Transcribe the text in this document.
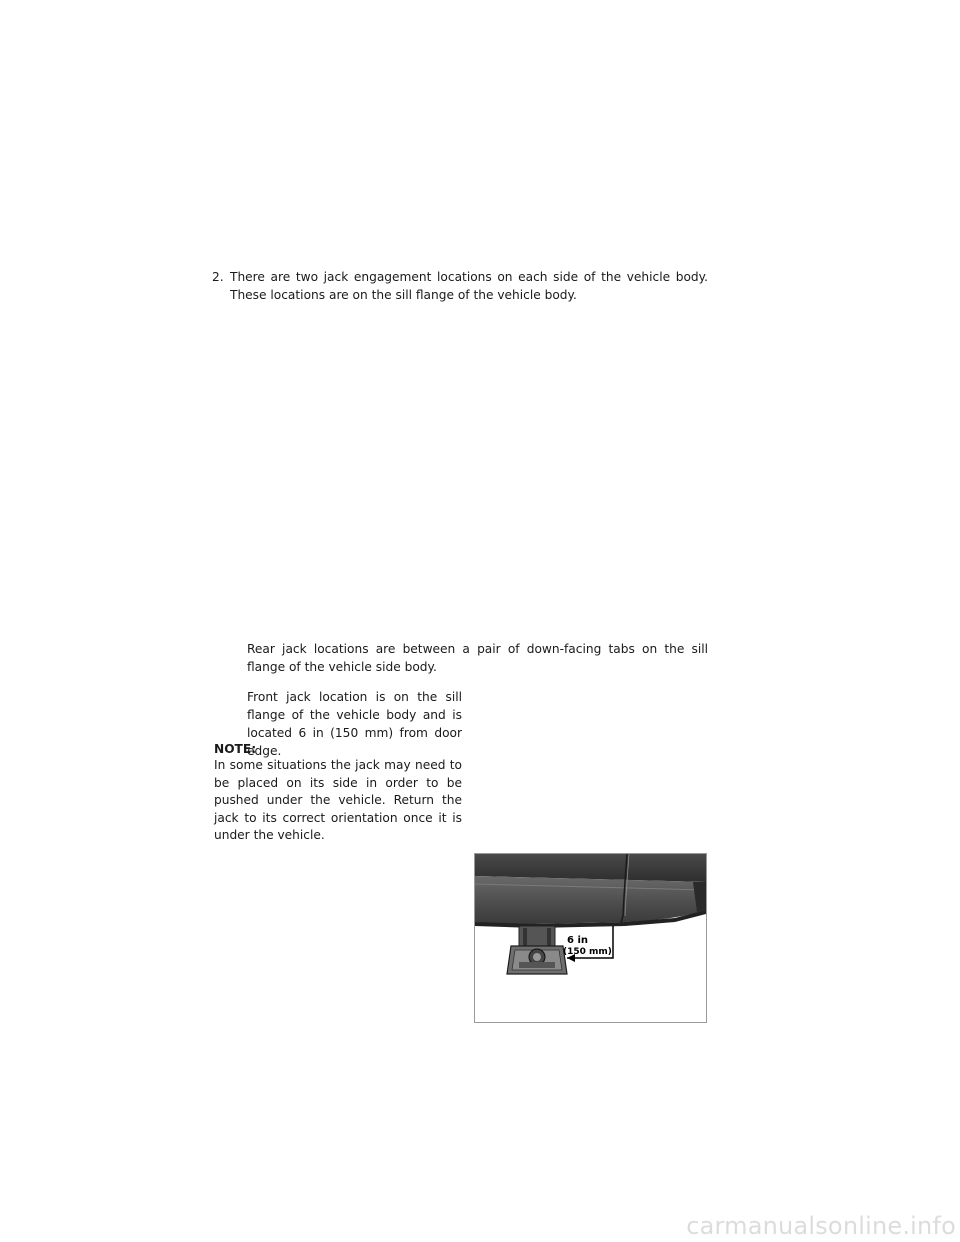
2. There are two jack engagement locations on each side of the vehicle body. These locations are on the sill flange of the vehicle body.

Rear jack locations are between a pair of down-facing tabs on the sill flange of the vehicle side body.

Front jack location is on the sill flange of the vehicle body and is located 6 in (150 mm) from door edge.

NOTE:
In some situations the jack may need to be placed on its side in order to be pushed under the vehicle. Return the jack to its correct orientation once it is under the vehicle.
6 in
(150 mm)
carmanualsonline.info
